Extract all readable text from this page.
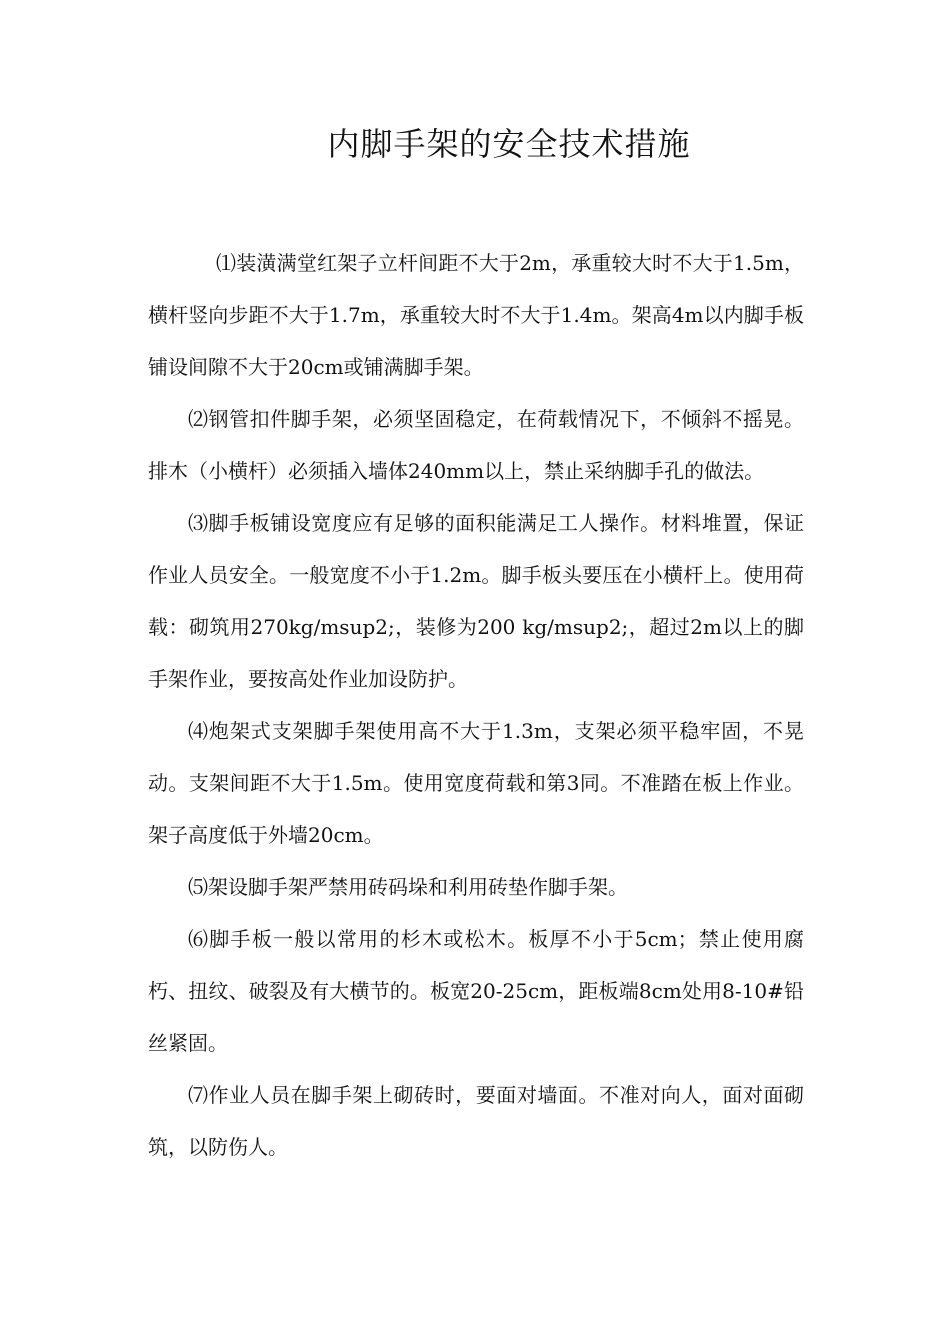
内脚手架的安全技术措施

⑴装潢满堂红架子立杆间距不大于2m，承重较大时不大于1.5m，横杆竖向步距不大于1.7m，承重较大时不大于1.4m。架高4m以内脚手板铺设间隙不大于20cm或铺满脚手架。

⑵钢管扣件脚手架，必须坚固稳定，在荷载情况下，不倾斜不摇晃。排木（小横杆）必须插入墙体240mm以上，禁止采纳脚手孔的做法。

⑶脚手板铺设宽度应有足够的面积能满足工人操作。材料堆置，保证作业人员安全。一般宽度不小于1.2m。脚手板头要压在小横杆上。使用荷载：砌筑用270kg/msup2;，装修为200 kg/msup2;，超过2m以上的脚手架作业，要按高处作业加设防护。

⑷炮架式支架脚手架使用高不大于1.3m，支架必须平稳牢固，不晃动。支架间距不大于1.5m。使用宽度荷载和第3同。不准踏在板上作业。架子高度低于外墙20cm。

⑸架设脚手架严禁用砖码垛和利用砖垫作脚手架。

⑹脚手板一般以常用的杉木或松木。板厚不小于5cm；禁止使用腐朽、扭纹、破裂及有大横节的。板宽20-25cm，距板端8cm处用8-10#铅丝紧固。

⑺作业人员在脚手架上砌砖时，要面对墙面。不准对向人，面对面砌筑，以防伤人。
